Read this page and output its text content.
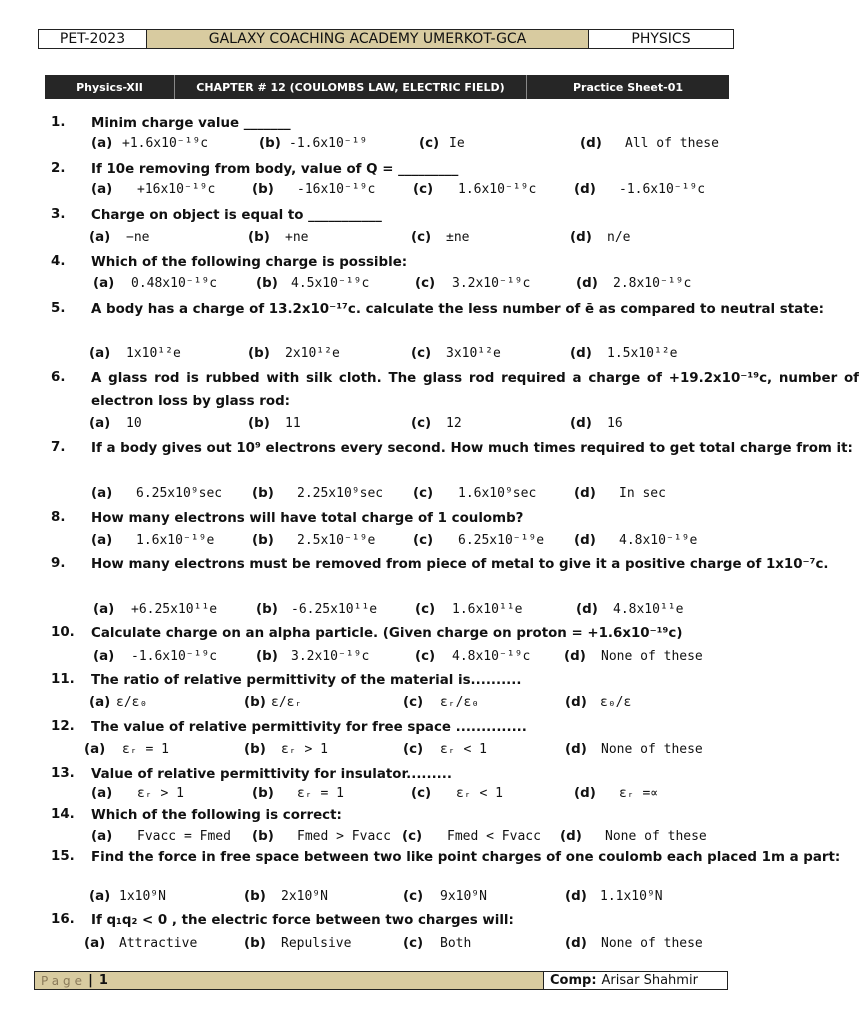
PET-2023	GALAXY COACHING ACADEMY UMERKOT-GCA	PHYSICS
Physics-XII	CHAPTER # 12 (COULOMBS LAW, ELECTRIC FIELD)	Practice Sheet-01
1.	Minim charge value _______
(a) +1.6x10⁻¹⁹c	(b) -1.6x10⁻¹⁹	(c) Ie	(d) All of these
2.	If 10e removing from body, value of Q = _________
(a) +16x10⁻¹⁹c	(b) -16x10⁻¹⁹c	(c) 1.6x10⁻¹⁹c	(d) -1.6x10⁻¹⁹c
3.	Charge on object is equal to ___________
(a) −ne	(b) +ne	(c) ±ne	(d) n/e
4.	Which of the following charge is possible:
(a) 0.48x10⁻¹⁹c	(b) 4.5x10⁻¹⁹c	(c) 3.2x10⁻¹⁹c	(d) 2.8x10⁻¹⁹c
5.	A body has a charge of 13.2x10⁻¹⁷c. calculate the less number of ē as compared to neutral state:
(a) 1x10¹²e	(b) 2x10¹²e	(c) 3x10¹²e	(d) 1.5x10¹²e
6.	A glass rod is rubbed with silk cloth. The glass rod required a charge of +19.2x10⁻¹⁹c, number of electron loss by glass rod:
(a) 10	(b) 11	(c) 12	(d) 16
7.	If a body gives out 10⁹ electrons every second. How much times required to get total charge from it:
(a) 6.25x10⁹sec (b) 2.25x10⁹sec (c) 1.6x10⁹sec	(d) In sec
8.	How many electrons will have total charge of 1 coulomb?
(a) 1.6x10⁻¹⁹e	(b) 2.5x10⁻¹⁹e	(c) 6.25x10⁻¹⁹e (d) 4.8x10⁻¹⁹e
9.	How many electrons must be removed from piece of metal to give it a positive charge of 1x10⁻⁷c.
(a) +6.25x10¹¹e	(b) -6.25x10¹¹e	(c) 1.6x10¹¹e	(d) 4.8x10¹¹e
10.	Calculate charge on an alpha particle. (Given charge on proton = +1.6x10⁻¹⁹c)
(a) -1.6x10⁻¹⁹c	(b) 3.2x10⁻¹⁹c	(c) 4.8x10⁻¹⁹c	(d) None of these
11.	The ratio of relative permittivity of the material is..........
(a) ε/ε₀	(b) ε/εᵣ	(c) εᵣ/ε₀	(d) ε₀/ε
12.	The value of relative permittivity for free space ..............
(a) εᵣ = 1	(b) εᵣ > 1	(c) εᵣ < 1	(d) None of these
13.	Value of relative permittivity for insulator.........
(a) εᵣ > 1	(b) εᵣ = 1	(c) εᵣ < 1	(d) εᵣ =∝
14.	Which of the following is correct:
(a) Fvacc = Fmed (b) Fmed > Fvacc (c) Fmed < Fvacc (d) None of these
15.	Find the force in free space between two like point charges of one coulomb each placed 1m a part:
(a) 1x10⁹N	(b) 2x10⁹N	(c) 9x10⁹N	(d) 1.1x10⁹N
16.	If q₁q₂ < 0 , the electric force between two charges will:
(a) Attractive	(b) Repulsive	(c) Both	(d) None of these
Page | 1	Comp: Arisar Shahmir
